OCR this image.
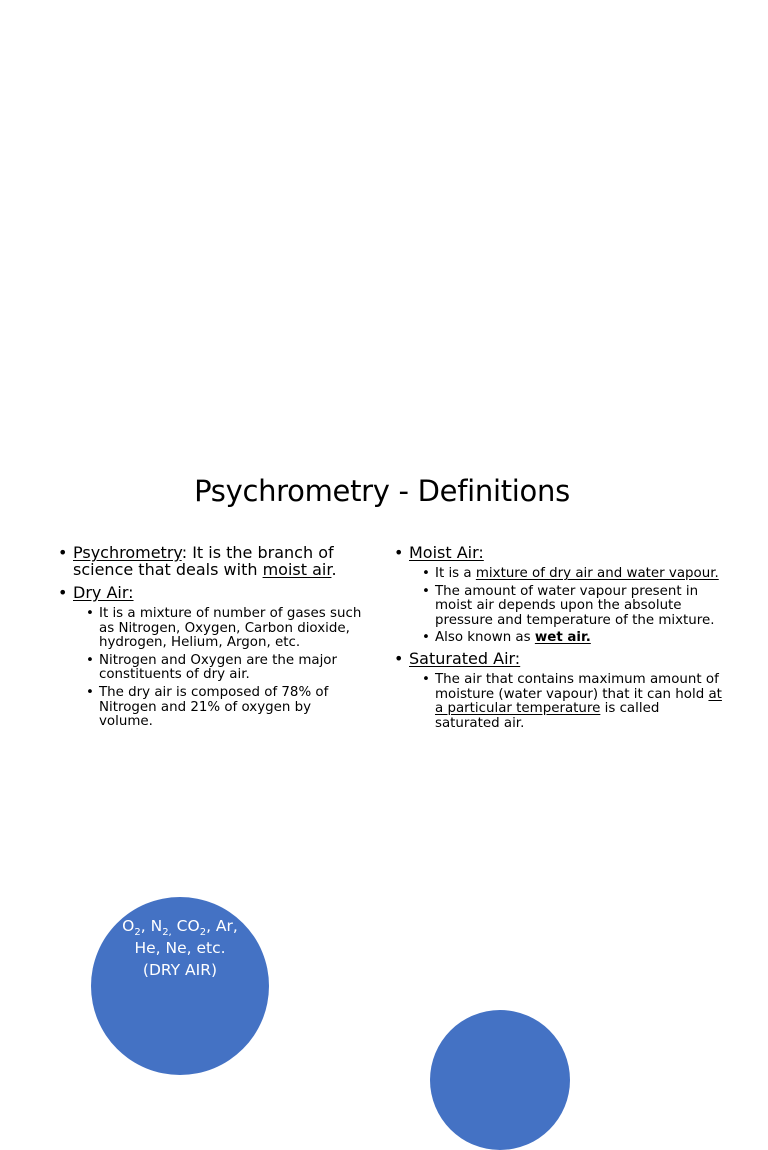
Psychrometry - Definitions
• Psychrometry: It is the branch of science that deals with moist air.
• Dry Air:
• It is a mixture of number of gases such as Nitrogen, Oxygen, Carbon dioxide, hydrogen, Helium, Argon, etc.
• Nitrogen and Oxygen are the major constituents of dry air.
• The dry air is composed of 78% of Nitrogen and 21% of oxygen by volume.
• Moist Air:
• It is a mixture of dry air and water vapour.
• The amount of water vapour present in moist air depends upon the absolute pressure and temperature of the mixture.
• Also known as wet air.
• Saturated Air:
• The air that contains maximum amount of moisture (water vapour) that it can hold at a particular temperature is called saturated air.
$O_2$, $N_{2,}$ $CO_2$, Ar,
He, Ne, etc.
(DRY AIR)
